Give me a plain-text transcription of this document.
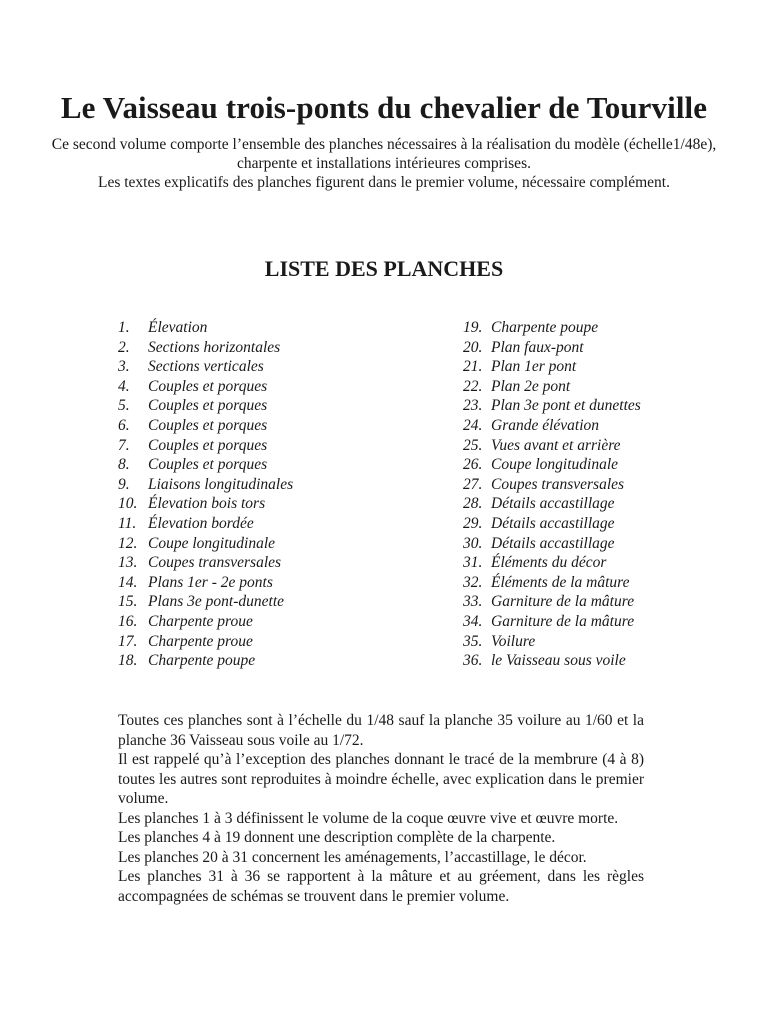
Le Vaisseau trois-ponts du chevalier de Tourville
Ce second volume comporte l’ensemble des planches nécessaires à la réalisation du modèle (échelle1/48e),
charpente et installations intérieures comprises.
Les textes explicatifs des planches figurent dans le premier volume, nécessaire complément.
LISTE DES PLANCHES
1.	Élevation
2.	Sections horizontales
3.	Sections verticales
4.	Couples et porques
5.	Couples et porques
6.	Couples et porques
7.	Couples et porques
8.	Couples et porques
9.	Liaisons longitudinales
10. Élevation bois tors
11. Élevation bordée
12. Coupe longitudinale
13. Coupes transversales
14. Plans 1er - 2e ponts
15. Plans 3e pont-dunette
16. Charpente proue
17. Charpente proue
18. Charpente poupe
19. Charpente poupe
20. Plan faux-pont
21. Plan 1er pont
22. Plan 2e pont
23. Plan 3e pont et dunettes
24. Grande élévation
25. Vues avant et arrière
26. Coupe longitudinale
27. Coupes transversales
28. Détails accastillage
29. Détails accastillage
30. Détails accastillage
31. Éléments du décor
32. Éléments de la mâture
33. Garniture de la mâture
34. Garniture de la mâture
35. Voilure
36. le Vaisseau sous voile

Toutes ces planches sont à l’échelle du 1/48 sauf la planche 35 voilure au 1/60 et la planche 36 Vaisseau sous voile au 1/72.

Il est rappelé qu’à l’exception des planches donnant le tracé de la membrure (4 à 8) toutes les autres sont reproduites à moindre échelle, avec explication dans le premier volume.

Les planches 1 à 3 définissent le volume de la coque œuvre vive et œuvre morte.

Les planches 4 à 19 donnent une description complète de la charpente.

Les planches 20 à 31 concernent les aménagements, l’accastillage, le décor.

Les planches 31 à 36 se rapportent à la mâture et au gréement, dans les règles accompagnées de schémas se trouvent dans le premier volume.
